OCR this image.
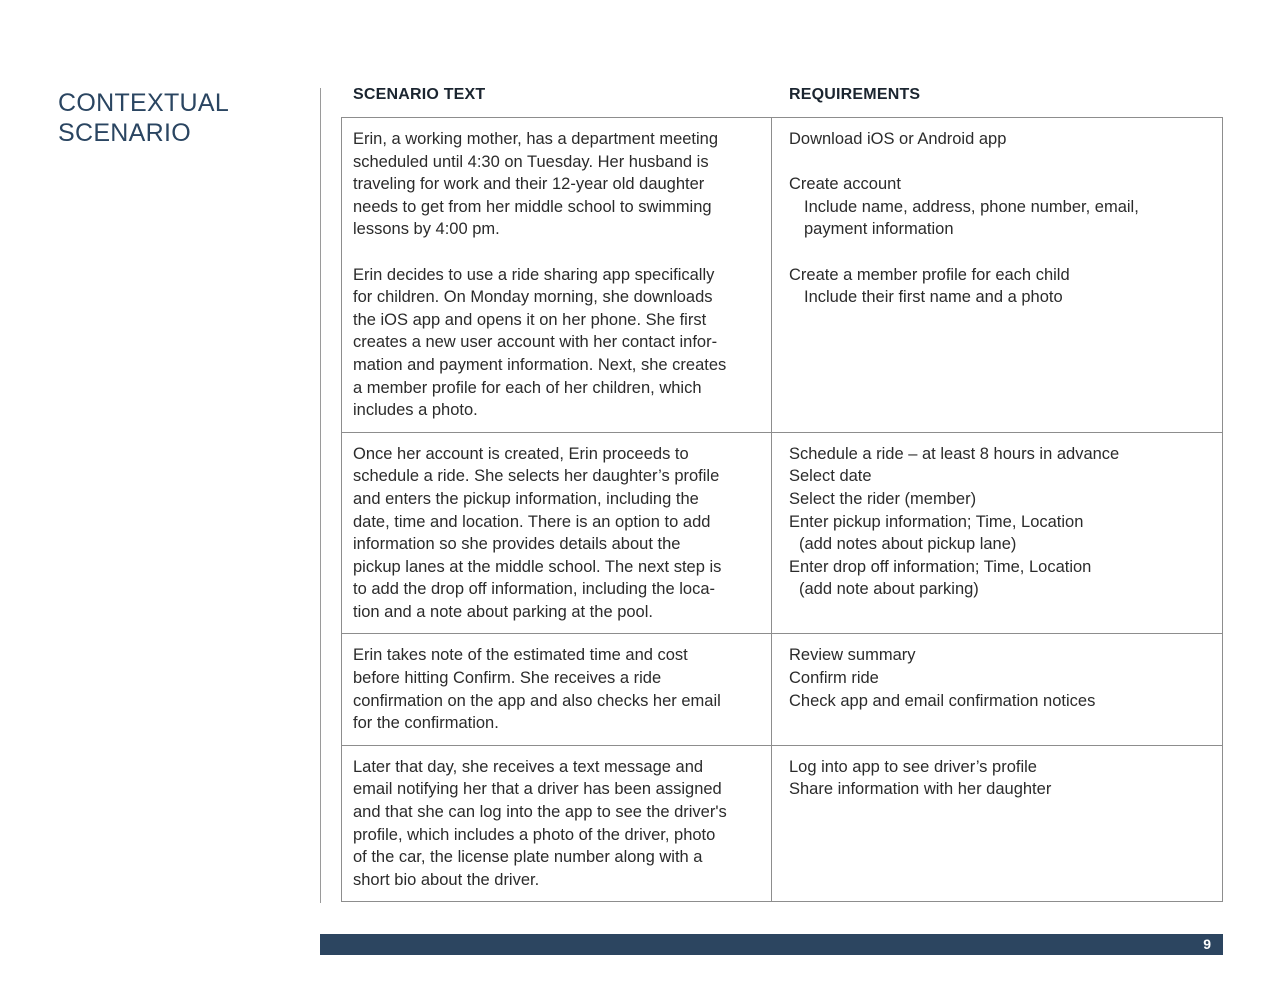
CONTEXTUAL
SCENARIO
SCENARIO TEXT	REQUIREMENTS
Erin, a working mother, has a department meeting
scheduled until 4:30 on Tuesday. Her husband is
traveling for work and their 12-year old daughter
needs to get from her middle school to swimming
lessons by 4:00 pm.
Erin decides to use a ride sharing app specifically
for children. On Monday morning, she downloads
the iOS app and opens it on her phone. She first
creates a new user account with her contact infor-
mation and payment information. Next, she creates
a member profile for each of her children, which
includes a photo.
Download iOS or Android app
Create account
Include name, address, phone number, email,
payment information
Create a member profile for each child
Include their first name and a photo
Once her account is created, Erin proceeds to
schedule a ride. She selects her daughter’s profile
and enters the pickup information, including the
date, time and location. There is an option to add
information so she provides details about the
pickup lanes at the middle school. The next step is
to add the drop off information, including the loca-
tion and a note about parking at the pool.
Schedule a ride – at least 8 hours in advance
Select date
Select the rider (member)
Enter pickup information; Time, Location
(add notes about pickup lane)
Enter drop off information; Time, Location
(add note about parking)
Erin takes note of the estimated time and cost
before hitting Confirm. She receives a ride
confirmation on the app and also checks her email
for the confirmation.
Review summary
Confirm ride
Check app and email confirmation notices
Later that day, she receives a text message and
email notifying her that a driver has been assigned
and that she can log into the app to see the driver's
profile, which includes a photo of the driver, photo
of the car, the license plate number along with a
short bio about the driver.
Log into app to see driver’s profile
Share information with her daughter
9
